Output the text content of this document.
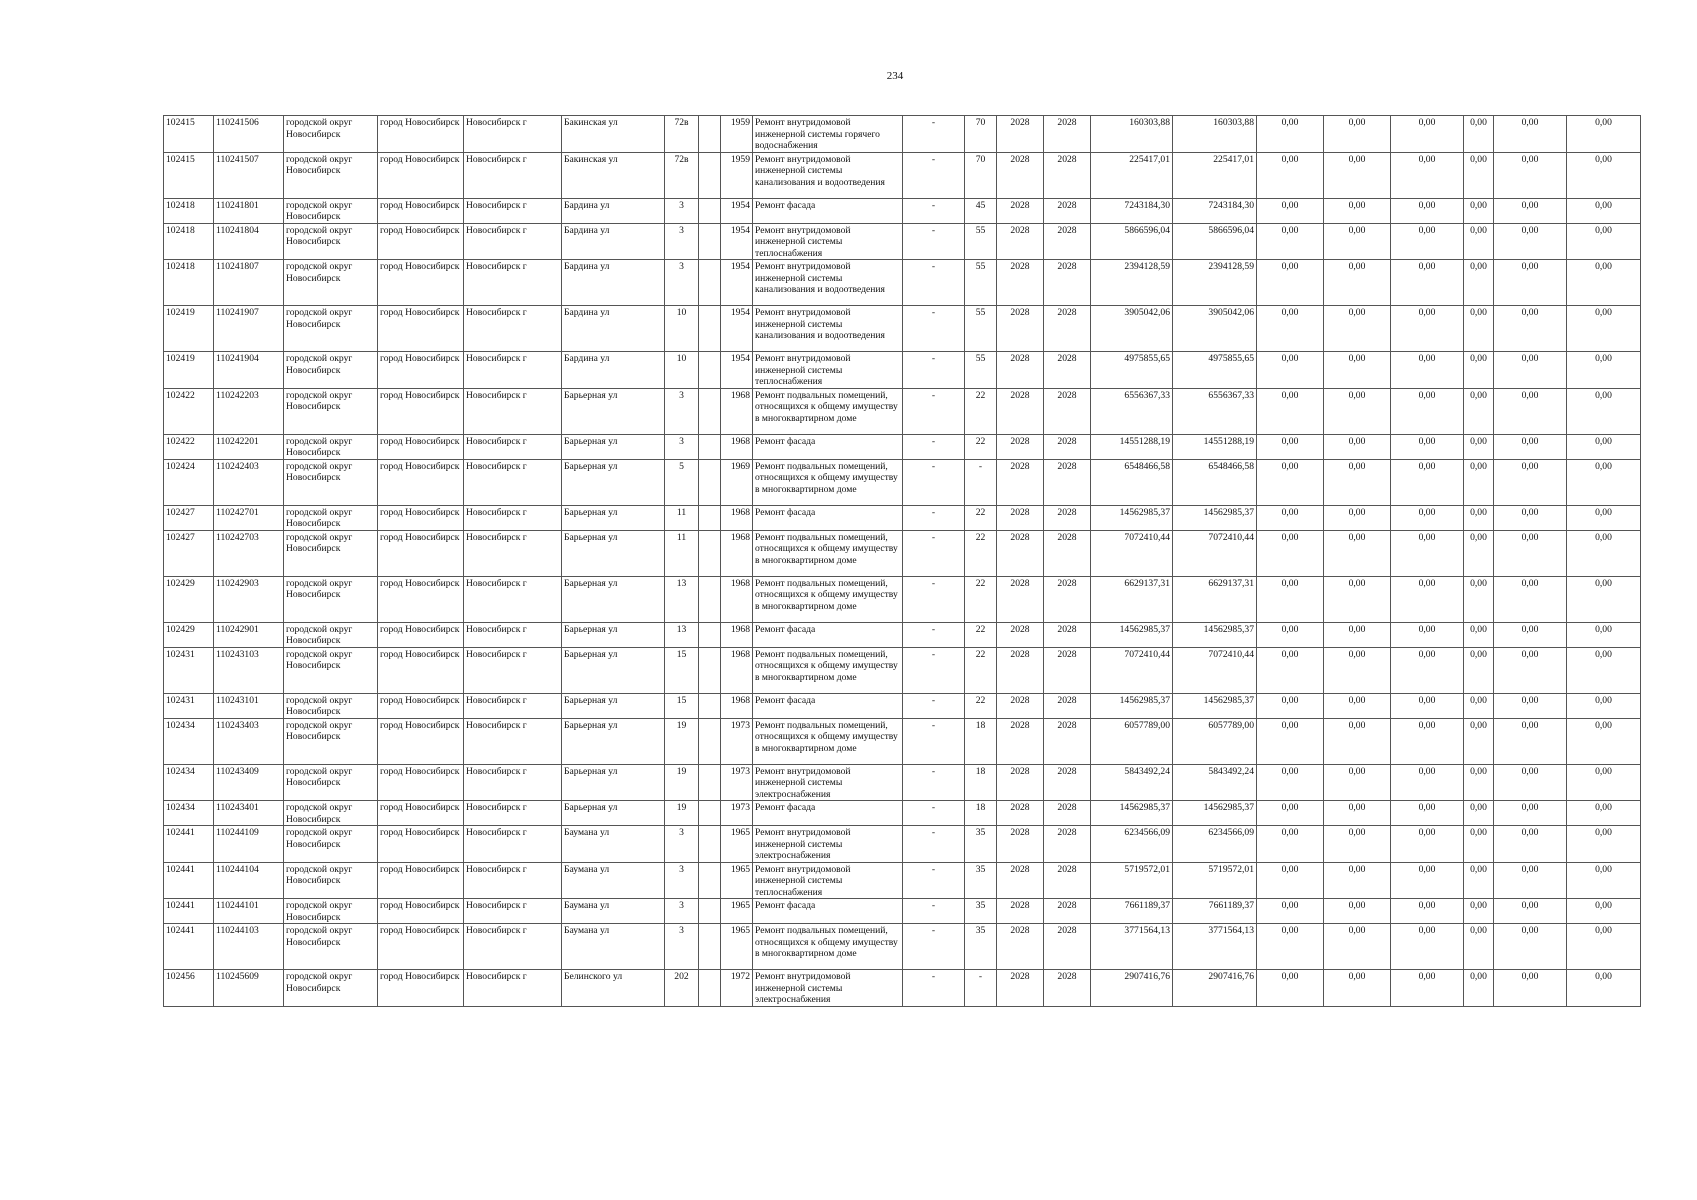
234
102415	110241506	городской округ Новосибирск	город Новосибирск	Новосибирск г	Бакинская ул	72в		1959	Ремонт внутридомовой инженерной системы горячего водоснабжения	-	70	2028	2028	160303,88	160303,88	0,00	0,00	0,00	0,00	0,00	0,00
102415	110241507	городской округ Новосибирск	город Новосибирск	Новосибирск г	Бакинская ул	72в		1959	Ремонт внутридомовой инженерной системы канализования и водоотведения	-	70	2028	2028	225417,01	225417,01	0,00	0,00	0,00	0,00	0,00	0,00
102418	110241801	городской округ Новосибирск	город Новосибирск	Новосибирск г	Бардина ул	3		1954	Ремонт фасада	-	45	2028	2028	7243184,30	7243184,30	0,00	0,00	0,00	0,00	0,00	0,00
102418	110241804	городской округ Новосибирск	город Новосибирск	Новосибирск г	Бардина ул	3		1954	Ремонт внутридомовой инженерной системы теплоснабжения	-	55	2028	2028	5866596,04	5866596,04	0,00	0,00	0,00	0,00	0,00	0,00
102418	110241807	городской округ Новосибирск	город Новосибирск	Новосибирск г	Бардина ул	3		1954	Ремонт внутридомовой инженерной системы канализования и водоотведения	-	55	2028	2028	2394128,59	2394128,59	0,00	0,00	0,00	0,00	0,00	0,00
102419	110241907	городской округ Новосибирск	город Новосибирск	Новосибирск г	Бардина ул	10		1954	Ремонт внутридомовой инженерной системы канализования и водоотведения	-	55	2028	2028	3905042,06	3905042,06	0,00	0,00	0,00	0,00	0,00	0,00
102419	110241904	городской округ Новосибирск	город Новосибирск	Новосибирск г	Бардина ул	10		1954	Ремонт внутридомовой инженерной системы теплоснабжения	-	55	2028	2028	4975855,65	4975855,65	0,00	0,00	0,00	0,00	0,00	0,00
102422	110242203	городской округ Новосибирск	город Новосибирск	Новосибирск г	Барьерная ул	3		1968	Ремонт подвальных помещений, относящихся к общему имуществу в многоквартирном доме	-	22	2028	2028	6556367,33	6556367,33	0,00	0,00	0,00	0,00	0,00	0,00
102422	110242201	городской округ Новосибирск	город Новосибирск	Новосибирск г	Барьерная ул	3		1968	Ремонт фасада	-	22	2028	2028	14551288,19	14551288,19	0,00	0,00	0,00	0,00	0,00	0,00
102424	110242403	городской округ Новосибирск	город Новосибирск	Новосибирск г	Барьерная ул	5		1969	Ремонт подвальных помещений, относящихся к общему имуществу в многоквартирном доме	-	-	2028	2028	6548466,58	6548466,58	0,00	0,00	0,00	0,00	0,00	0,00
102427	110242701	городской округ Новосибирск	город Новосибирск	Новосибирск г	Барьерная ул	11		1968	Ремонт фасада	-	22	2028	2028	14562985,37	14562985,37	0,00	0,00	0,00	0,00	0,00	0,00
102427	110242703	городской округ Новосибирск	город Новосибирск	Новосибирск г	Барьерная ул	11		1968	Ремонт подвальных помещений, относящихся к общему имуществу в многоквартирном доме	-	22	2028	2028	7072410,44	7072410,44	0,00	0,00	0,00	0,00	0,00	0,00
102429	110242903	городской округ Новосибирск	город Новосибирск	Новосибирск г	Барьерная ул	13		1968	Ремонт подвальных помещений, относящихся к общему имуществу в многоквартирном доме	-	22	2028	2028	6629137,31	6629137,31	0,00	0,00	0,00	0,00	0,00	0,00
102429	110242901	городской округ Новосибирск	город Новосибирск	Новосибирск г	Барьерная ул	13		1968	Ремонт фасада	-	22	2028	2028	14562985,37	14562985,37	0,00	0,00	0,00	0,00	0,00	0,00
102431	110243103	городской округ Новосибирск	город Новосибирск	Новосибирск г	Барьерная ул	15		1968	Ремонт подвальных помещений, относящихся к общему имуществу в многоквартирном доме	-	22	2028	2028	7072410,44	7072410,44	0,00	0,00	0,00	0,00	0,00	0,00
102431	110243101	городской округ Новосибирск	город Новосибирск	Новосибирск г	Барьерная ул	15		1968	Ремонт фасада	-	22	2028	2028	14562985,37	14562985,37	0,00	0,00	0,00	0,00	0,00	0,00
102434	110243403	городской округ Новосибирск	город Новосибирск	Новосибирск г	Барьерная ул	19		1973	Ремонт подвальных помещений, относящихся к общему имуществу в многоквартирном доме	-	18	2028	2028	6057789,00	6057789,00	0,00	0,00	0,00	0,00	0,00	0,00
102434	110243409	городской округ Новосибирск	город Новосибирск	Новосибирск г	Барьерная ул	19		1973	Ремонт внутридомовой инженерной системы электроснабжения	-	18	2028	2028	5843492,24	5843492,24	0,00	0,00	0,00	0,00	0,00	0,00
102434	110243401	городской округ Новосибирск	город Новосибирск	Новосибирск г	Барьерная ул	19		1973	Ремонт фасада	-	18	2028	2028	14562985,37	14562985,37	0,00	0,00	0,00	0,00	0,00	0,00
102441	110244109	городской округ Новосибирск	город Новосибирск	Новосибирск г	Баумана ул	3		1965	Ремонт внутридомовой инженерной системы электроснабжения	-	35	2028	2028	6234566,09	6234566,09	0,00	0,00	0,00	0,00	0,00	0,00
102441	110244104	городской округ Новосибирск	город Новосибирск	Новосибирск г	Баумана ул	3		1965	Ремонт внутридомовой инженерной системы теплоснабжения	-	35	2028	2028	5719572,01	5719572,01	0,00	0,00	0,00	0,00	0,00	0,00
102441	110244101	городской округ Новосибирск	город Новосибирск	Новосибирск г	Баумана ул	3		1965	Ремонт фасада	-	35	2028	2028	7661189,37	7661189,37	0,00	0,00	0,00	0,00	0,00	0,00
102441	110244103	городской округ Новосибирск	город Новосибирск	Новосибирск г	Баумана ул	3		1965	Ремонт подвальных помещений, относящихся к общему имуществу в многоквартирном доме	-	35	2028	2028	3771564,13	3771564,13	0,00	0,00	0,00	0,00	0,00	0,00
102456	110245609	городской округ Новосибирск	город Новосибирск	Новосибирск г	Белинского ул	202		1972	Ремонт внутридомовой инженерной системы электроснабжения	-	-	2028	2028	2907416,76	2907416,76	0,00	0,00	0,00	0,00	0,00	0,00
